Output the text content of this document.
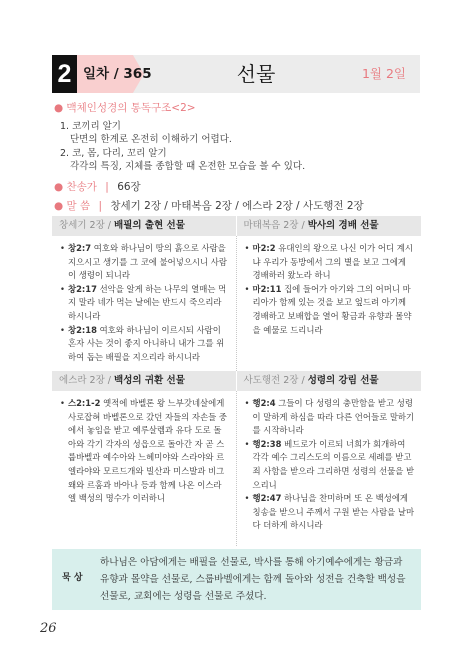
2 일차 / 365	선물	1월 2일
● 맥체인성경의 통독구조<2>
1. 코끼리 알기
단면의 한계로 온전히 이해하기 어렵다.
2. 코, 몸, 다리, 꼬리 알기
각각의 특징, 지체를 종합할 때 온전한 모습을 볼 수 있다.
● 찬송가 | 66장
● 말 씀 | 창세기 2장 / 마태복음 2장 / 에스라 2장 / 사도행전 2장
창세기 2장 / 배필의 출현 선물
• 창2:7 여호와 하나님이 땅의 흙으로 사람을 지으시고 생기를 그 코에 불어넣으시니 사람이 생령이 되니라
• 창2:17 선악을 알게 하는 나무의 열매는 먹지 말라 네가 먹는 날에는 반드시 죽으리라 하시니라
• 창2:18 여호와 하나님이 이르시되 사람이 혼자 사는 것이 좋지 아니하니 내가 그를 위하여 돕는 배필을 지으리라 하시니라
마태복음 2장 / 박사의 경배 선물
• 마2:2 유대인의 왕으로 나신 이가 어디 계시냐 우리가 동방에서 그의 별을 보고 그에게 경배하러 왔노라 하니
• 마2:11 집에 들어가 아기와 그의 어머니 마리아가 함께 있는 것을 보고 엎드려 아기께 경배하고 보배합을 열어 황금과 유향과 몰약을 예물로 드리니라
에스라 2장 / 백성의 귀환 선물
• 스2:1-2 옛적에 바벨론 왕 느부갓네살에게 사로잡혀 바벨론으로 갔던 자들의 자손들 중에서 놓임을 받고 예루살렘과 유다 도로 돌아와 각기 각자의 성읍으로 돌아간 자 곧 스룹바벨과 예수아와 느헤미야와 스라야와 르엘라야와 모르드개와 빌산과 미스발과 비그왜와 르훔과 바아나 등과 함께 나온 이스라엘 백성의 명수가 이러하니
사도행전 2장 / 성령의 강림 선물
• 행2:4 그들이 다 성령의 충만함을 받고 성령이 말하게 하심을 따라 다른 언어들로 말하기를 시작하니라
• 행2:38 베드로가 이르되 너희가 회개하여 각각 예수 그리스도의 이름으로 세례를 받고 죄 사함을 받으라 그리하면 성령의 선물을 받으리니
• 행2:47 하나님을 찬미하며 또 온 백성에게 칭송을 받으니 주께서 구원 받는 사람을 날마다 더하게 하시니라
묵 상
하나님은 아담에게는 배필을 선물로, 박사를 통해 아기예수에게는 황금과 유향과 몰약을 선물로, 스룹바벨에게는 함께 돌아와 성전을 건축할 백성을 선물로, 교회에는 성령을 선물로 주셨다.
26
